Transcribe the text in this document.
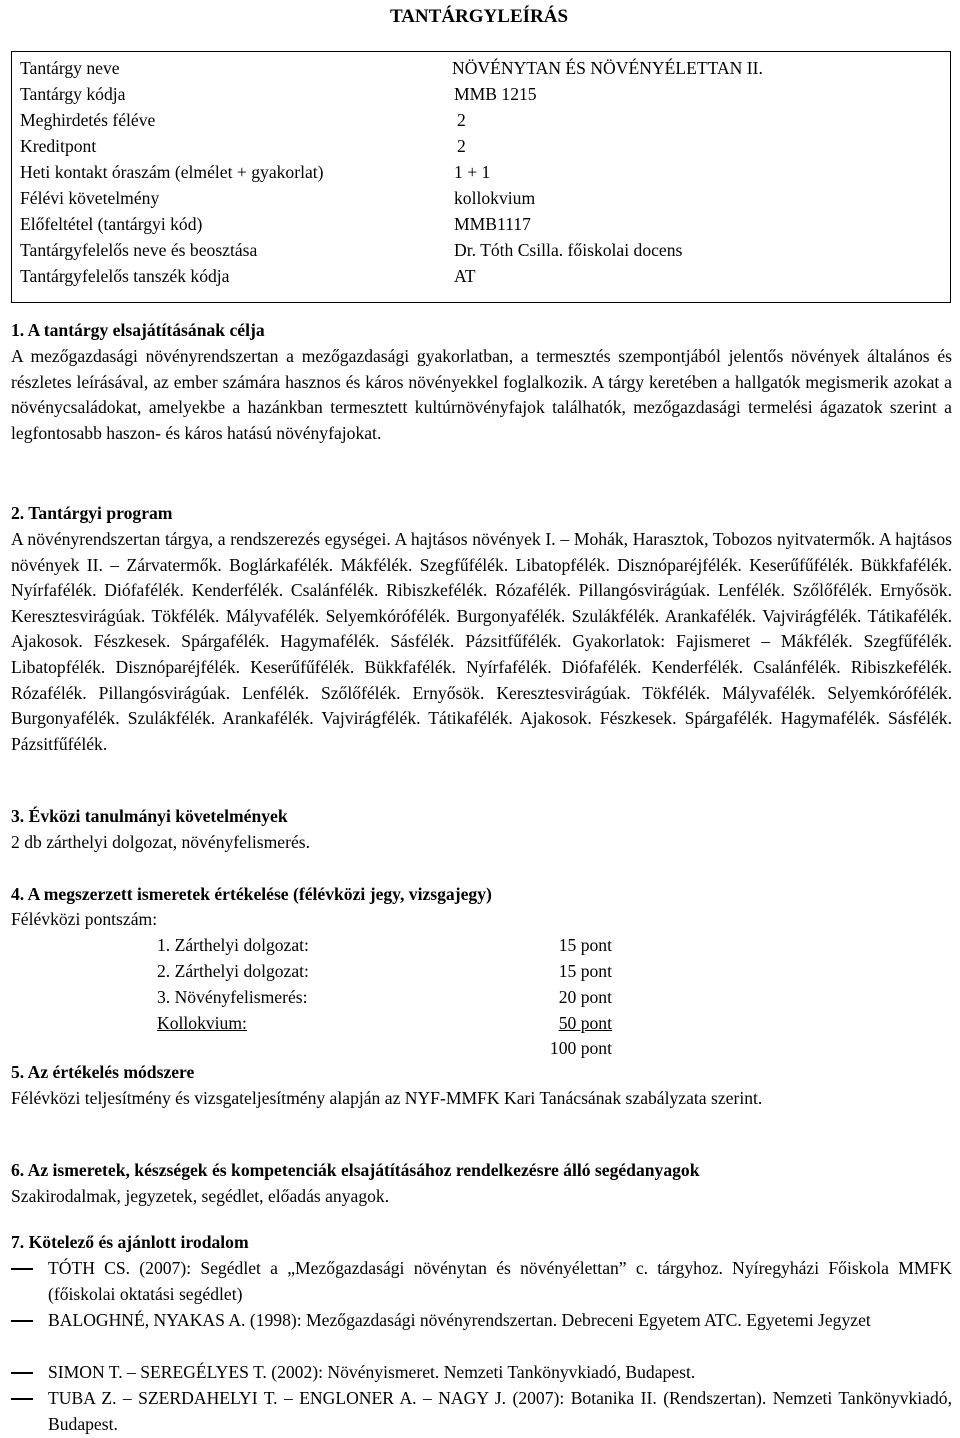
TANTÁRGYLEÍRÁS
Tantárgy neve	NÖVÉNYTAN ÉS NÖVÉNYÉLETTAN II.
Tantárgy kódja	MMB 1215
Meghirdetés féléve	2
Kreditpont	2
Heti kontakt óraszám (elmélet + gyakorlat)	1 + 1
Félévi követelmény	kollokvium
Előfeltétel (tantárgyi kód)	MMB1117
Tantárgyfelelős neve és beosztása	Dr. Tóth Csilla. főiskolai docens
Tantárgyfelelős tanszék kódja	AT
1. A tantárgy elsajátításának célja
A mezőgazdasági növényrendszertan a mezőgazdasági gyakorlatban, a termesztés szempontjából jelentős növények általános és részletes leírásával, az ember számára hasznos és káros növényekkel foglalkozik. A tárgy keretében a hallgatók megismerik azokat a növénycsaládokat, amelyekbe a hazánkban termesztett kultúrnövényfajok találhatók, mezőgazdasági termelési ágazatok szerint a legfontosabb haszon- és káros hatású növényfajokat.
2. Tantárgyi program
A növényrendszertan tárgya, a rendszerezés egységei. A hajtásos növények I. – Mohák, Harasztok, Tobozos nyitvatermők. A hajtásos növények II. – Zárvatermők. Boglárkafélék. Mákfélék. Szegfűfélék. Libatopfélék. Disznóparéjfélék. Keserűfűfélék. Bükkfafélék. Nyírfafélék. Diófafélék. Kenderfélék. Csalánfélék. Ribiszkefélék. Rózafélék. Pillangósvirágúak. Lenfélék. Szőlőfélék. Ernyősök. Keresztesvirágúak. Tökfélék. Mályvafélék. Selyemkórófélék. Burgonyafélék. Szulákfélék. Arankafélék. Vajvirágfélék. Tátikafélék. Ajakosok. Fészkesek. Spárgafélék. Hagymafélék. Sásfélék. Pázsitfűfélék. Gyakorlatok: Fajismeret – Mákfélék. Szegfűfélék. Libatopfélék. Disznóparéjfélék. Keserűfűfélék. Bükkfafélék. Nyírfafélék. Diófafélék. Kenderfélék. Csalánfélék. Ribiszkefélék. Rózafélék. Pillangósvirágúak. Lenfélék. Szőlőfélék. Ernyősök. Keresztesvirágúak. Tökfélék. Mályvafélék. Selyemkórófélék. Burgonyafélék. Szulákfélék. Arankafélék. Vajvirágfélék. Tátikafélék. Ajakosok. Fészkesek. Spárgafélék. Hagymafélék. Sásfélék. Pázsitfűfélék.
3. Évközi tanulmányi követelmények
2 db zárthelyi dolgozat, növényfelismerés.
4. A megszerzett ismeretek értékelése (félévközi jegy, vizsgajegy)
Félévközi pontszám:
1. Zárthelyi dolgozat:	15 pont
2. Zárthelyi dolgozat:	15 pont
3. Növényfelismerés:	20 pont
Kollokvium:	50 pont
100 pont
5. Az értékelés módszere
Félévközi teljesítmény és vizsgateljesítmény alapján az NYF-MMFK Kari Tanácsának szabályzata szerint.
6. Az ismeretek, készségek és kompetenciák elsajátításához rendelkezésre álló segédanyagok
Szakirodalmak, jegyzetek, segédlet, előadás anyagok.
7. Kötelező és ajánlott irodalom
TÓTH CS. (2007): Segédlet a „Mezőgazdasági növénytan és növényélettan” c. tárgyhoz. Nyíregyházi Főiskola MMFK (főiskolai oktatási segédlet)
BALOGHNÉ, NYAKAS A. (1998): Mezőgazdasági növényrendszertan. Debreceni Egyetem ATC. Egyetemi Jegyzet
SIMON T. – SEREGÉLYES T. (2002): Növényismeret. Nemzeti Tankönyvkiadó, Budapest.
TUBA Z. – SZERDAHELYI T. – ENGLONER A. – NAGY J. (2007): Botanika II. (Rendszertan). Nemzeti Tankönyvkiadó, Budapest.
